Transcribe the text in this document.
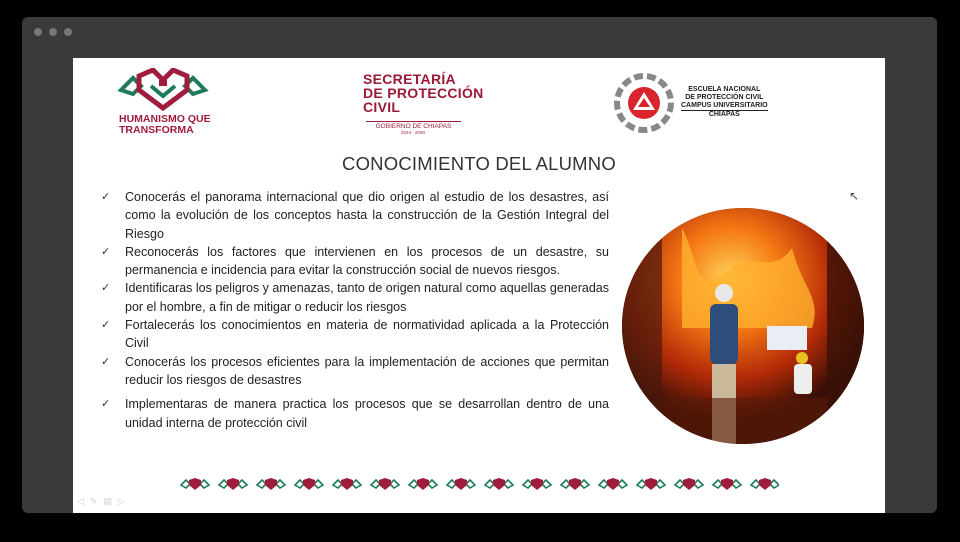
HUMANISMO QUE
TRANSFORMA
SECRETARÍA
DE PROTECCIÓN
CIVIL
GOBIERNO DE CHIAPAS
2024 - 2030
ESCUELA NACIONAL
DE PROTECCIÓN CIVIL
CAMPUS UNIVERSITARIO
CHIAPAS
CONOCIMIENTO DEL ALUMNO
✓ Conocerás el panorama internacional que dio origen al estudio de los desastres, así como la evolución de los conceptos hasta la construcción de la Gestión Integral del Riesgo
✓ Reconocerás los factores que intervienen en los procesos de un desastre, su permanencia e incidencia para evitar la construcción social de nuevos riesgos.
✓ Identificaras los peligros y amenazas, tanto de origen natural como aquellas generadas por el hombre, a fin de mitigar o reducir los riesgos
✓ Fortalecerás los conocimientos en materia de normatividad aplicada a la Protección Civil
✓ Conocerás los procesos eficientes para la implementación de acciones que permitan reducir los riesgos de desastres
✓ Implementaras de manera practica los procesos que se desarrollan dentro de una unidad interna de protección civil
◁✎▤▷
↖
